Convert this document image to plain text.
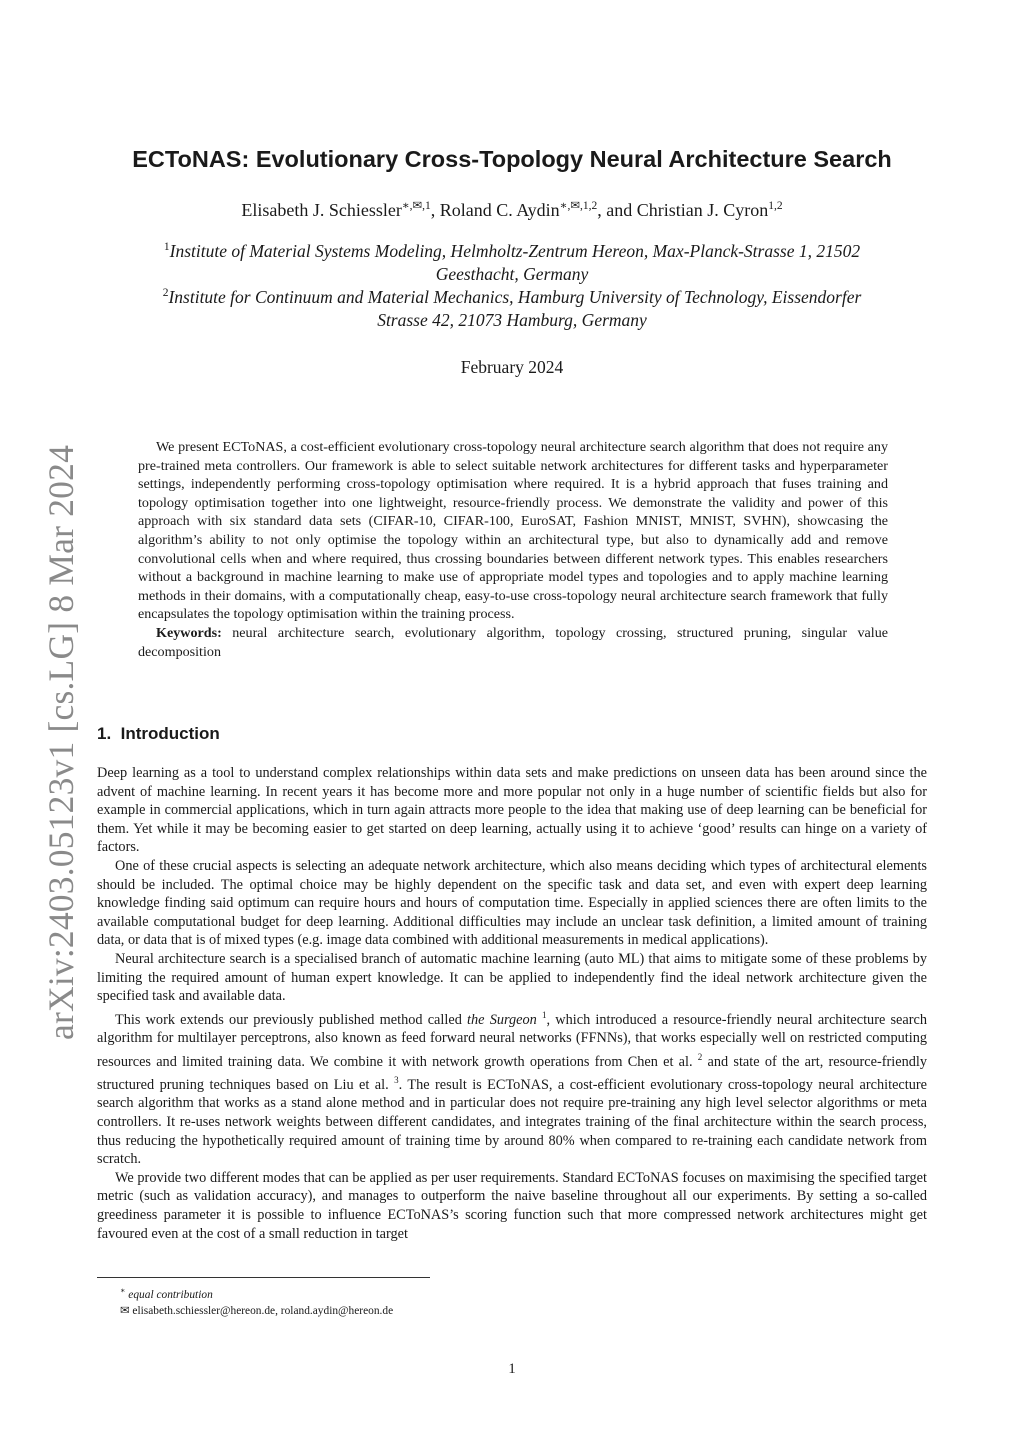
arXiv:2403.05123v1 [cs.LG] 8 Mar 2024
ECToNAS: Evolutionary Cross-Topology Neural Architecture Search
Elisabeth J. Schiessler$^{∗,✉,1}$, Roland C. Aydin$^{∗,✉,1,2}$, and Christian J. Cyron$^{1,2}$
$^1$Institute of Material Systems Modeling, Helmholtz-Zentrum Hereon, Max-Planck-Strasse 1, 21502
Geesthacht, Germany
$^2$Institute for Continuum and Material Mechanics, Hamburg University of Technology, Eissendorfer
Strasse 42, 21073 Hamburg, Germany
February 2024

We present ECToNAS, a cost-efficient evolutionary cross-topology neural architecture search algorithm that does not require any pre-trained meta controllers. Our framework is able to select suitable network architectures for different tasks and hyperparameter settings, independently performing cross-topology optimisation where required. It is a hybrid approach that fuses training and topology optimisation together into one lightweight, resource-friendly process. We demonstrate the validity and power of this approach with six standard data sets (CIFAR-10, CIFAR-100, EuroSAT, Fashion MNIST, MNIST, SVHN), showcasing the algorithm’s ability to not only optimise the topology within an architectural type, but also to dynamically add and remove convolutional cells when and where required, thus crossing boundaries between different network types. This enables researchers without a background in machine learning to make use of appropriate model types and topologies and to apply machine learning methods in their domains, with a computationally cheap, easy-to-use cross-topology neural architecture search framework that fully encapsulates the topology optimisation within the training process.

Keywords: neural architecture search, evolutionary algorithm, topology crossing, structured pruning, singular value decomposition

1. Introduction

Deep learning as a tool to understand complex relationships within data sets and make predictions on unseen data has been around since the advent of machine learning. In recent years it has become more and more popular not only in a huge number of scientific fields but also for example in commercial applications, which in turn again attracts more people to the idea that making use of deep learning can be beneficial for them. Yet while it may be becoming easier to get started on deep learning, actually using it to achieve ‘good’ results can hinge on a variety of factors.

One of these crucial aspects is selecting an adequate network architecture, which also means deciding which types of architectural elements should be included. The optimal choice may be highly dependent on the specific task and data set, and even with expert deep learning knowledge finding said optimum can require hours and hours of computation time. Especially in applied sciences there are often limits to the available computational budget for deep learning. Additional difficulties may include an unclear task definition, a limited amount of training data, or data that is of mixed types (e.g. image data combined with additional measurements in medical applications).

Neural architecture search is a specialised branch of automatic machine learning (auto ML) that aims to mitigate some of these problems by limiting the required amount of human expert knowledge. It can be applied to independently find the ideal network architecture given the specified task and available data.

This work extends our previously published method called the Surgeon $^1$, which introduced a resource-friendly neural architecture search algorithm for multilayer perceptrons, also known as feed forward neural networks (FFNNs), that works especially well on restricted computing resources and limited training data. We combine it with network growth operations from Chen et al. $^2$ and state of the art, resource-friendly structured pruning techniques based on Liu et al. $^3$. The result is ECToNAS, a cost-efficient evolutionary cross-topology neural architecture search algorithm that works as a stand alone method and in particular does not require pre-training any high level selector algorithms or meta controllers. It re-uses network weights between different candidates, and integrates training of the final architecture within the search process, thus reducing the hypothetically required amount of training time by around 80% when compared to re-training each candidate network from scratch.

We provide two different modes that can be applied as per user requirements. Standard ECToNAS focuses on maximising the specified target metric (such as validation accuracy), and manages to outperform the naive baseline throughout all our experiments. By setting a so-called greediness parameter it is possible to influence ECToNAS’s scoring function such that more compressed network architectures might get favoured even at the cost of a small reduction in target

∗ equal contribution

✉ elisabeth.schiessler@hereon.de, roland.aydin@hereon.de

1
